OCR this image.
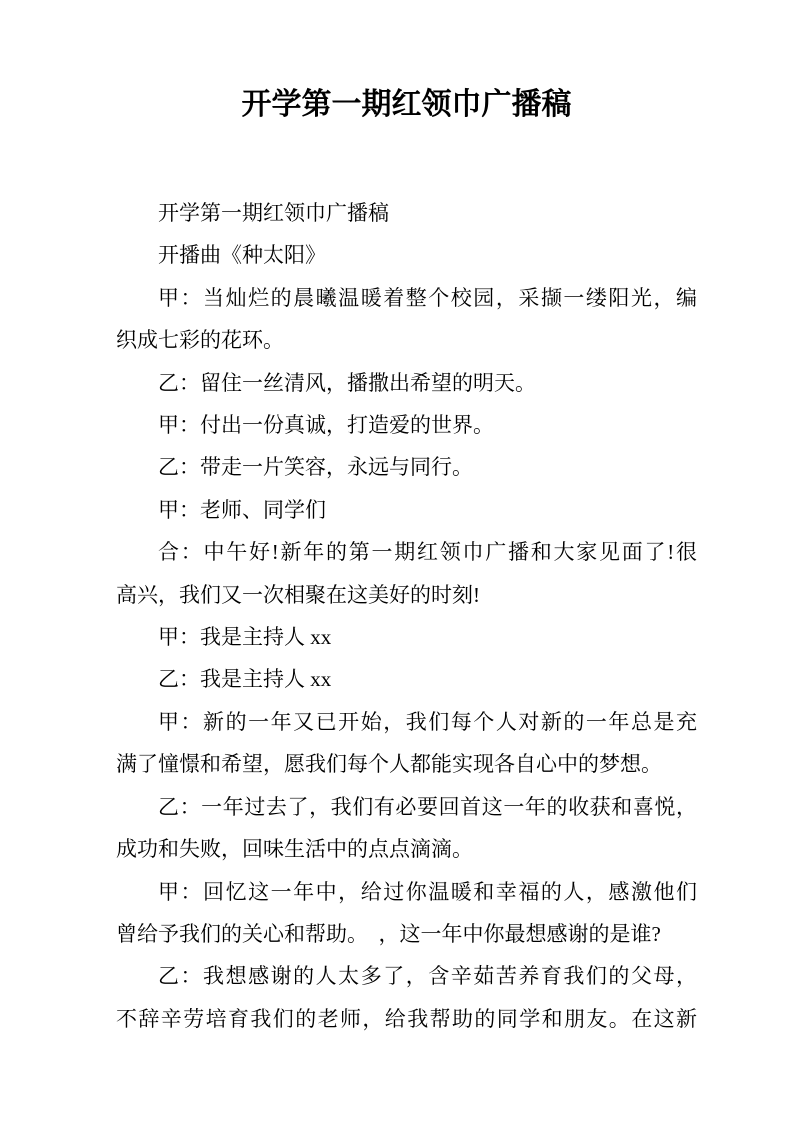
开学第一期红领巾广播稿
开学第一期红领巾广播稿
开播曲《种太阳》
甲：当灿烂的晨曦温暖着整个校园，采撷一缕阳光，编
织成七彩的花环。
乙：留住一丝清风，播撒出希望的明天。
甲：付出一份真诚，打造爱的世界。
乙：带走一片笑容，永远与同行。
甲：老师、同学们
合：中午好!新年的第一期红领巾广播和大家见面了!很
高兴，我们又一次相聚在这美好的时刻!
甲：我是主持人 xx
乙：我是主持人 xx
甲：新的一年又已开始，我们每个人对新的一年总是充
满了憧憬和希望，愿我们每个人都能实现各自心中的梦想。
乙：一年过去了，我们有必要回首这一年的收获和喜悦，
成功和失败，回味生活中的点点滴滴。
甲：回忆这一年中，给过你温暖和幸福的人，感激他们
曾给予我们的关心和帮助。　，这一年中你最想感谢的是谁?
乙：我想感谢的人太多了，含辛茹苦养育我们的父母，
不辞辛劳培育我们的老师，给我帮助的同学和朋友。在这新
